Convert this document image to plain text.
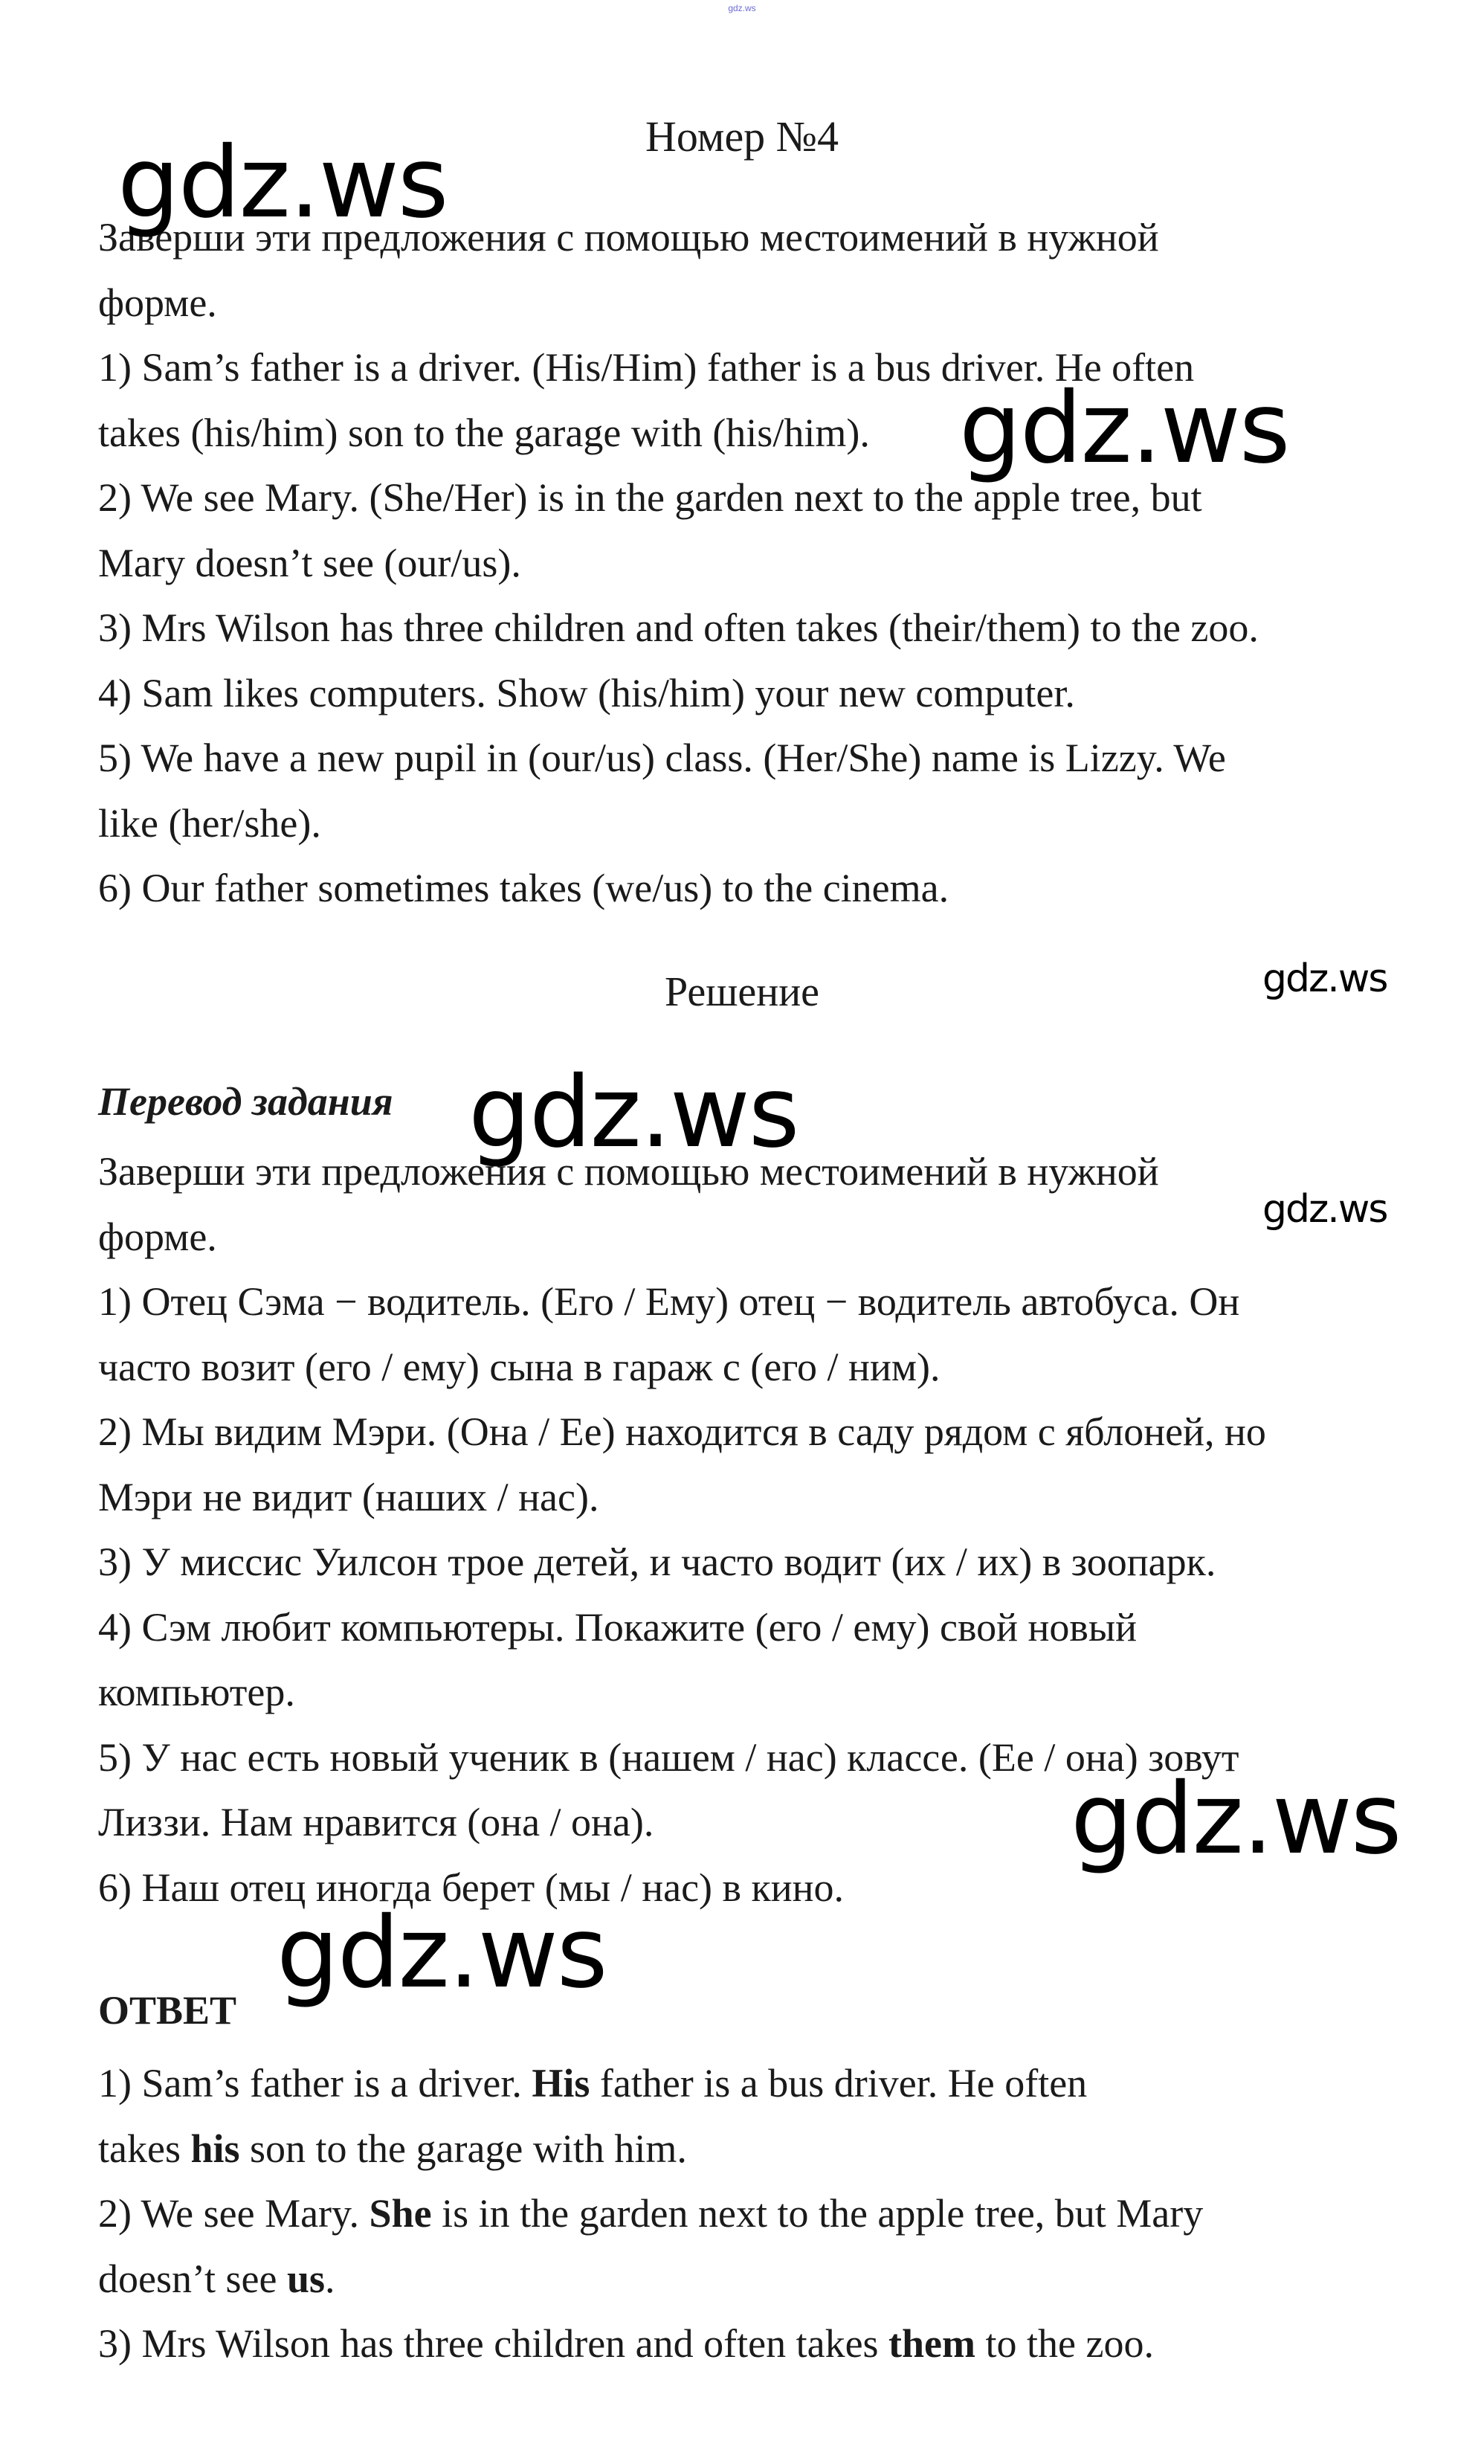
gdz.ws
Номер №4

Заверши эти предложения с помощью местоимений в нужной

форме.

1) Sam’s father is a driver. (His/Him) father is a bus driver. He often

takes (his/him) son to the garage with (his/him).

2) We see Mary. (She/Her) is in the garden next to the apple tree, but

Mary doesn’t see (our/us).

3) Mrs Wilson has three children and often takes (their/them) to the zoo.

4) Sam likes computers. Show (his/him) your new computer.

5) We have a new pupil in (our/us) class. (Her/She) name is Lizzy. We

like (her/she).

6) Our father sometimes takes (we/us) to the cinema.

Решение
Перевод задания

Заверши эти предложения с помощью местоимений в нужной

форме.

1) Отец Сэма − водитель. (Его / Ему) отец − водитель автобуса. Он

часто возит (его / ему) сына в гараж с (его / ним).

2) Мы видим Мэри. (Она / Ее) находится в саду рядом с яблоней, но

Мэри не видит (наших / нас).

3) У миссис Уилсон трое детей, и часто водит (их / их) в зоопарк.

4) Сэм любит компьютеры. Покажите (его / ему) свой новый

компьютер.

5) У нас есть новый ученик в (нашем / нас) классе. (Ее / она) зовут

Лиззи. Нам нравится (она / она).

6) Наш отец иногда берет (мы / нас) в кино.

ОТВЕТ

1) Sam’s father is a driver. His father is a bus driver. He often

takes his son to the garage with him.

2) We see Mary. She is in the garden next to the apple tree, but Mary

doesn’t see us.

3) Mrs Wilson has three children and often takes them to the zoo.

gdz.ws
gdz.ws
gdz.ws
gdz.ws
gdz.ws
gdz.ws
gdz.ws
